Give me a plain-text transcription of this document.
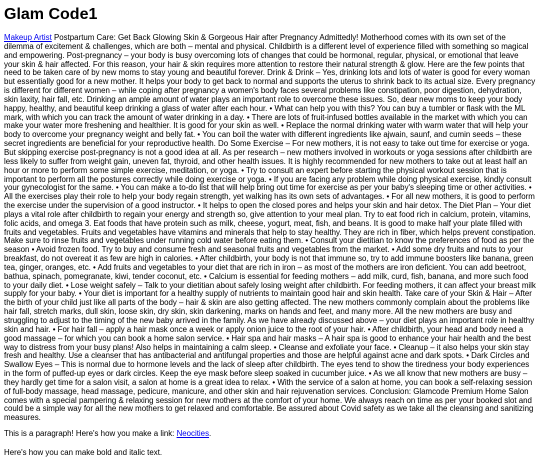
Glam Code1

Makeup Artist Postpartum Care: Get Back Glowing Skin & Gorgeous Hair after Pregnancy Admittedly! Motherhood comes with its own set of the dilemma of excitement & challenges, which are both – mental and physical. Childbirth is a different level of experience filled with something so magical and empowering. Post-pregnancy – your body is busy overcoming lots of changes that could be hormonal, regular, physical, or emotional that leave your skin & hair affected. For this reason, your hair & skin requires more attention to restore their natural strength & glow. Here are the few points that need to be taken care of by new moms to stay young and beautiful forever. Drink & Drink – Yes, drinking lots and lots of water is good for every woman but essentially good for a new mother. It helps your body to get back to normal and supports the uterus to shrink back to its actual size. Every pregnancy is different for different women – while coping after pregnancy a women's body faces several problems like constipation, poor digestion, dehydration, skin laxity, hair fall, etc. Drinking an ample amount of water plays an important role to overcome these issues. So, dear new moms to keep your body happy, healthy, and beautiful keep drinking a glass of water after each hour. • What can help you with this? You can buy a tumbler or flask with the ML mark, with which you can track the amount of water drinking in a day. • There are lots of fruit-infused bottles available in the market with which you can make your water more freshening and healthier. It is good for your skin as well. • Replace the normal drinking water with warm water that will help your body to overcome your pregnancy weight and belly fat. • You can boil the water with different ingredients like ajwain, saunf, and cumin seeds – these secret ingredients are beneficial for your reproductive health. Do Some Exercise – For new mothers, it is not easy to take out time for exercise or yoga. But skipping exercise post-pregnancy is not a good idea at all. As per research – new mothers involved in workouts or yoga sessions after childbirth are less likely to suffer from weight gain, uneven fat, thyroid, and other health issues. It is highly recommended for new mothers to take out at least half an hour or more to perform some simple exercise, meditation, or yoga. • Try to consult an expert before starting the physical workout session that is important to perform all the postures correctly while doing exercise or yoga. • If you are facing any problem while doing physical exercise, kindly consult your gynecologist for the same. • You can make a to-do list that will help bring out time for exercise as per your baby's sleeping time or other activities. • All the exercises play their role to help your body regain strength, yet walking has its own sets of advantages. • For all new mothers, it is good to perform the exercise under the supervision of a good instructor. • It helps to open the closed pores and helps your skin and hair detox. The Diet Plan – Your diet plays a vital role after childbirth to regain your energy and strength so, give attention to your meal plan. Try to eat food rich in calcium, protein, vitamins, folic acids, and omega 3. Eat foods that have protein such as milk, cheese, yogurt, meat, fish, and beans. It is good to make half your plate filled with fruits and vegetables. Fruits and vegetables have vitamins and minerals that help to stay healthy. They are rich in fiber, which helps prevent constipation. Make sure to rinse fruits and vegetables under running cold water before eating them. • Consult your dietitian to know the preferences of food as per the season • Avoid frozen food. Try to buy and consume fresh and seasonal fruits and vegetables from the market. • Add some dry fruits and nuts to your breakfast, do not overeat it as few are high in calories. • After childbirth, your body is not that immune so, try to add immune boosters like banana, green tea, ginger, oranges, etc. • Add fruits and vegetables to your diet that are rich in iron – as most of the mothers are iron deficient. You can add beetroot, bathua, spinach, pomegranate, kiwi, tender coconut, etc. • Calcium is essential for feeding mothers – add milk, curd, fish, banana, and more such food to your daily diet. • Lose weight safely – Talk to your dietitian about safely losing weight after childbirth. For feeding mothers, it can affect your breast milk supply for your baby. • Your diet is important for a healthy supply of nutrients to maintain good hair and skin health. Take care of your Skin & Hair – After the birth of your child just like all parts of the body – hair & skin are also getting affected. The new mothers commonly complain about the problems like hair fall, stretch marks, dull skin, loose skin, dry skin, skin darkening, marks on hands and feet, and many more. All the new mothers are busy and struggling to adjust to the timing of the new baby arrived in the family. As we have already discussed above – your diet plays an important role in healthy skin and hair. • For hair fall – apply a hair mask once a week or apply onion juice to the root of your hair. • After childbirth, your head and body need a good massage – for which you can book a home salon service. • Hair spa and hair masks – A hair spa is good to enhance your hair health and the best way to distress from your busy plans! Also helps in maintaining a calm sleep. • Cleanse and exfoliate your face. • Cleanup – it also helps your skin stay fresh and healthy. Use a cleanser that has antibacterial and antifungal properties and those are helpful against acne and dark spots. • Dark Circles and Swallow Eyes – This is normal due to hormone levels and the lack of sleep after childbirth. The eyes tend to show the tiredness your body experiences in the form of puffed-up eyes or dark circles. Keep the eye mask before sleep soaked in cucumber juice. • As we all know that new mothers are busy – they hardly get time for a salon visit, a salon at home is a great idea to relax. • With the service of a salon at home, you can book a self-relaxing session of full-body massage, head massage, pedicure, manicure, and other skin and hair rejuvenation services. Conclusion: Glamcode Premium Home Salon comes with a special pampering & relaxing session for new mothers at the comfort of your home. We always reach on time as per your booked slot and could be a simple way for all the new mothers to get relaxed and comfortable. Be assured about Covid safety as we take all the cleansing and sanitizing measures.

This is a paragraph! Here's how you make a link: Neocities.

Here's how you can make bold and italic text.
